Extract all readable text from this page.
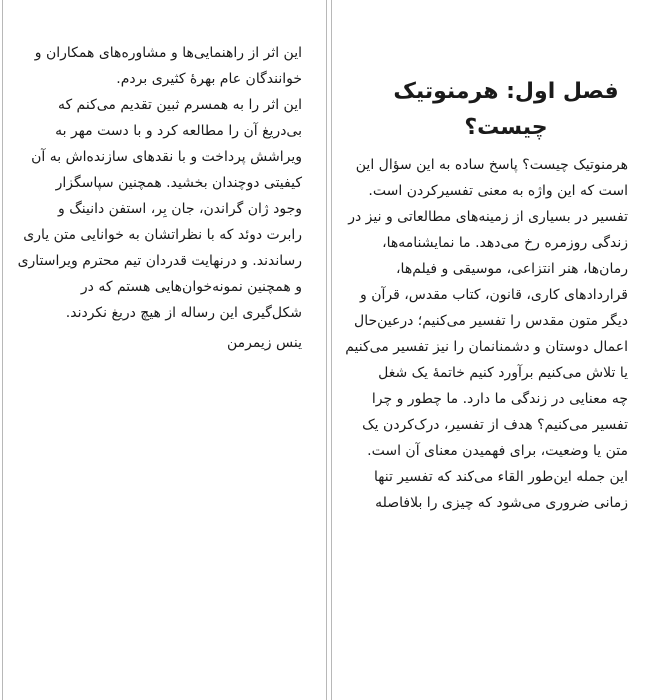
این اثر از راهنمایی‌ها و مشاوره‌های همکاران و
خوانندگان عام بهرهٔ کثیری بردم.
این اثر را به همسرم ثبین تقدیم می‌کنم که
بی‌دریغ آن را مطالعه کرد و با دست مهر به
ویراشش پرداخت و با نقدهای سازنده‌اش به آن
کیفیتی دوچندان بخشید. همچنین سپاسگزار
وجود ژان گراندن، جان بِر، استفن دانینگ و
رابرت دوئد که با نظراتشان به خوانایی متن یاری
رساندند. و درنهایت قدردان تیم محترم ویراستاری
و همچنین نمونه‌خوان‌هایی هستم که در
شکل‌گیری این رساله از هیچ دریغ نکردند.
ینس زیمرمن
فصل اول: هرمنوتیک
چیست؟
هرمنوتیک چیست؟ پاسخ ساده به این سؤال این
است که این واژه به معنی تفسیرکردن است.
تفسیر در بسیاری از زمینه‌های مطالعاتی و نیز در
زندگی روزمره رخ می‌دهد. ما نمایشنامه‌ها،
رمان‌ها، هنر انتزاعی، موسیقی و فیلم‌ها،
قراردادهای کاری، قانون، کتاب مقدس، قرآن و
دیگر متون مقدس را تفسیر می‌کنیم؛ درعین‌حال
اعمال دوستان و دشمنانمان را نیز تفسیر می‌کنیم
یا تلاش می‌کنیم برآورد کنیم خاتمهٔ یک شغل
چه معنایی در زندگی ما دارد. ما چطور و چرا
تفسیر می‌کنیم؟ هدف از تفسیر، درک‌کردن یک
متن یا وضعیت، برای فهمیدن معنای آن است.
این جمله این‌طور القاء می‌کند که تفسیر تنها
زمانی ضروری می‌شود که چیزی را بلافاصله
